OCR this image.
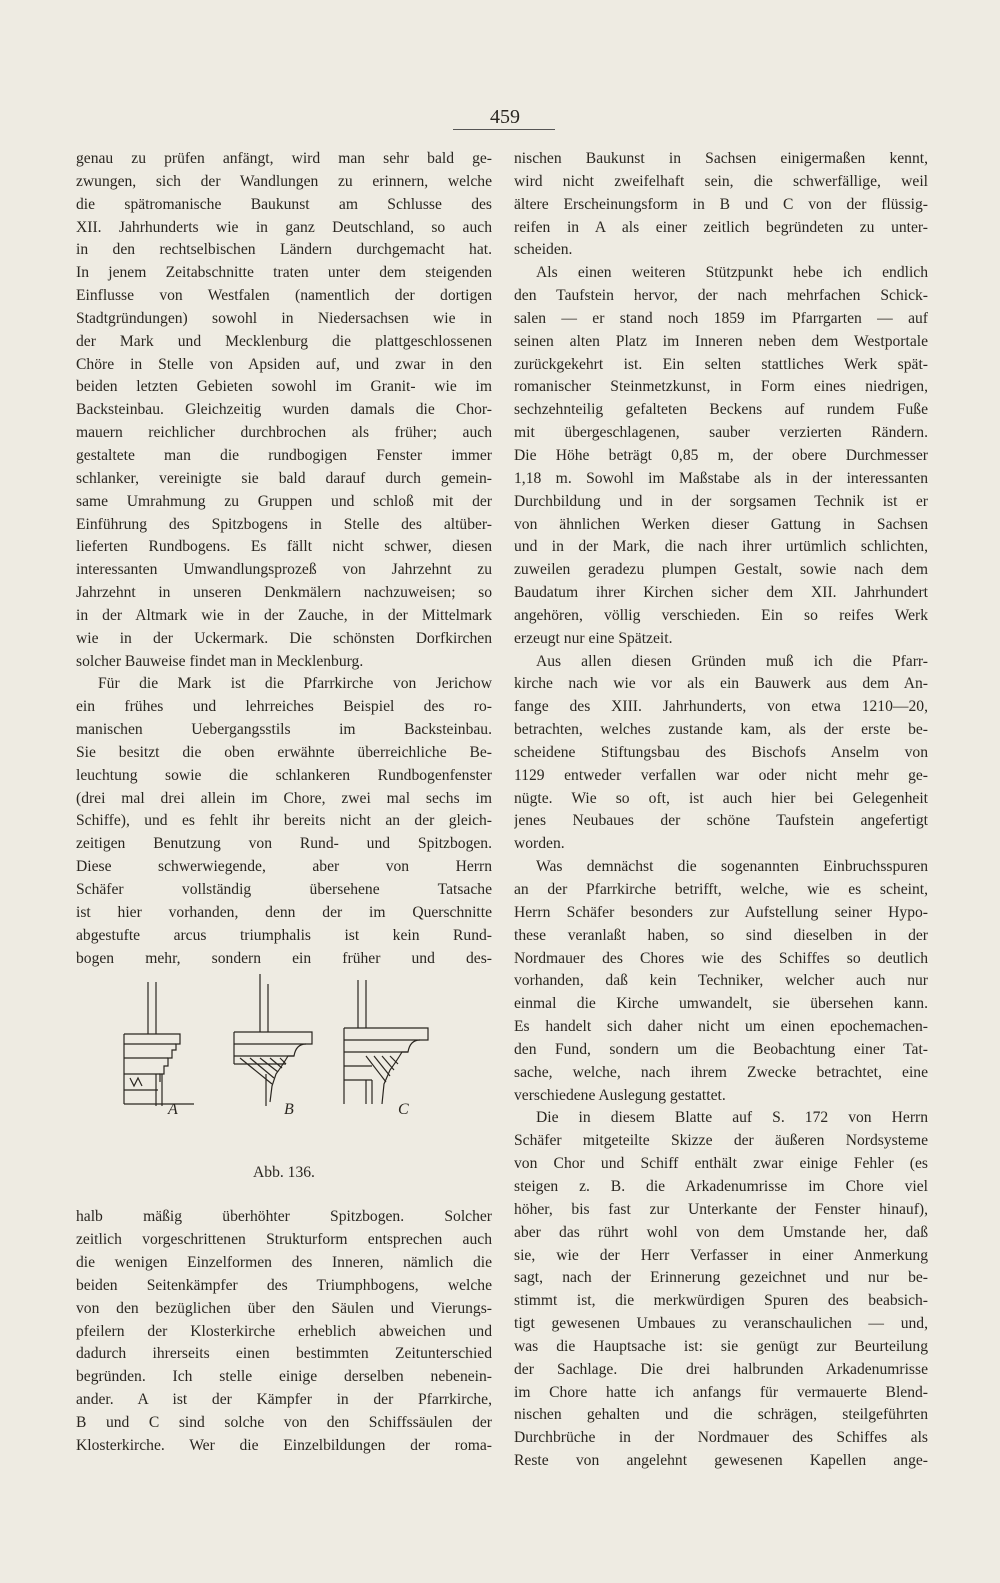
459
genau zu prüfen anfängt, wird man sehr bald ge-
zwungen, sich der Wandlungen zu erinnern, welche
die spätromanische Baukunst am Schlusse des
XII. Jahrhunderts wie in ganz Deutschland, so auch
in den rechtselbischen Ländern durchgemacht hat.
In jenem Zeitabschnitte traten unter dem steigenden
Einflusse von Westfalen (namentlich der dortigen
Stadtgründungen) sowohl in Niedersachsen wie in
der Mark und Mecklenburg die plattgeschlossenen
Chöre in Stelle von Apsiden auf, und zwar in den
beiden letzten Gebieten sowohl im Granit- wie im
Backsteinbau. Gleichzeitig wurden damals die Chor-
mauern reichlicher durchbrochen als früher; auch
gestaltete man die rundbogigen Fenster immer
schlanker, vereinigte sie bald darauf durch gemein-
same Umrahmung zu Gruppen und schloß mit der
Einführung des Spitzbogens in Stelle des altüber-
lieferten Rundbogens. Es fällt nicht schwer, diesen
interessanten Umwandlungsprozeß von Jahrzehnt zu
Jahrzehnt in unseren Denkmälern nachzuweisen; so
in der Altmark wie in der Zauche, in der Mittelmark
wie in der Uckermark. Die schönsten Dorfkirchen
solcher Bauweise findet man in Mecklenburg.
Für die Mark ist die Pfarrkirche von Jerichow
ein frühes und lehrreiches Beispiel des ro-
manischen Uebergangsstils im Backsteinbau.
Sie besitzt die oben erwähnte überreichliche Be-
leuchtung sowie die schlankeren Rundbogenfenster
(drei mal drei allein im Chore, zwei mal sechs im
Schiffe), und es fehlt ihr bereits nicht an der gleich-
zeitigen Benutzung von Rund- und Spitzbogen.
Diese schwerwiegende, aber von Herrn
Schäfer vollständig übersehene Tatsache
ist hier vorhanden, denn der im Querschnitte
abgestufte arcus triumphalis ist kein Rund-
bogen mehr, sondern ein früher und des-
A	B	C
Abb. 136.
halb mäßig überhöhter Spitzbogen. Solcher
zeitlich vorgeschrittenen Strukturform entsprechen auch
die wenigen Einzelformen des Inneren, nämlich die
beiden Seitenkämpfer des Triumphbogens, welche
von den bezüglichen über den Säulen und Vierungs-
pfeilern der Klosterkirche erheblich abweichen und
dadurch ihrerseits einen bestimmten Zeitunterschied
begründen. Ich stelle einige derselben nebenein-
ander. A ist der Kämpfer in der Pfarrkirche,
B und C sind solche von den Schiffssäulen der
Klosterkirche. Wer die Einzelbildungen der roma-
nischen Baukunst in Sachsen einigermaßen kennt,
wird nicht zweifelhaft sein, die schwerfällige, weil
ältere Erscheinungsform in B und C von der flüssig-
reifen in A als einer zeitlich begründeten zu unter-
scheiden.
Als einen weiteren Stützpunkt hebe ich endlich
den Taufstein hervor, der nach mehrfachen Schick-
salen — er stand noch 1859 im Pfarrgarten — auf
seinen alten Platz im Inneren neben dem Westportale
zurückgekehrt ist. Ein selten stattliches Werk spät-
romanischer Steinmetzkunst, in Form eines niedrigen,
sechzehnteilig gefalteten Beckens auf rundem Fuße
mit übergeschlagenen, sauber verzierten Rändern.
Die Höhe beträgt 0,85 m, der obere Durchmesser
1,18 m. Sowohl im Maßstabe als in der interessanten
Durchbildung und in der sorgsamen Technik ist er
von ähnlichen Werken dieser Gattung in Sachsen
und in der Mark, die nach ihrer urtümlich schlichten,
zuweilen geradezu plumpen Gestalt, sowie nach dem
Baudatum ihrer Kirchen sicher dem XII. Jahrhundert
angehören, völlig verschieden. Ein so reifes Werk
erzeugt nur eine Spätzeit.
Aus allen diesen Gründen muß ich die Pfarr-
kirche nach wie vor als ein Bauwerk aus dem An-
fange des XIII. Jahrhunderts, von etwa 1210—20,
betrachten, welches zustande kam, als der erste be-
scheidene Stiftungsbau des Bischofs Anselm von
1129 entweder verfallen war oder nicht mehr ge-
nügte. Wie so oft, ist auch hier bei Gelegenheit
jenes Neubaues der schöne Taufstein angefertigt
worden.
Was demnächst die sogenannten Einbruchsspuren
an der Pfarrkirche betrifft, welche, wie es scheint,
Herrn Schäfer besonders zur Aufstellung seiner Hypo-
these veranlaßt haben, so sind dieselben in der
Nordmauer des Chores wie des Schiffes so deutlich
vorhanden, daß kein Techniker, welcher auch nur
einmal die Kirche umwandelt, sie übersehen kann.
Es handelt sich daher nicht um einen epochemachen-
den Fund, sondern um die Beobachtung einer Tat-
sache, welche, nach ihrem Zwecke betrachtet, eine
verschiedene Auslegung gestattet.
Die in diesem Blatte auf S. 172 von Herrn
Schäfer mitgeteilte Skizze der äußeren Nordsysteme
von Chor und Schiff enthält zwar einige Fehler (es
steigen z. B. die Arkadenumrisse im Chore viel
höher, bis fast zur Unterkante der Fenster hinauf),
aber das rührt wohl von dem Umstande her, daß
sie, wie der Herr Verfasser in einer Anmerkung
sagt, nach der Erinnerung gezeichnet und nur be-
stimmt ist, die merkwürdigen Spuren des beabsich-
tigt gewesenen Umbaues zu veranschaulichen — und,
was die Hauptsache ist: sie genügt zur Beurteilung
der Sachlage. Die drei halbrunden Arkadenumrisse
im Chore hatte ich anfangs für vermauerte Blend-
nischen gehalten und die schrägen, steilgeführten
Durchbrüche in der Nordmauer des Schiffes als
Reste von angelehnt gewesenen Kapellen ange-
